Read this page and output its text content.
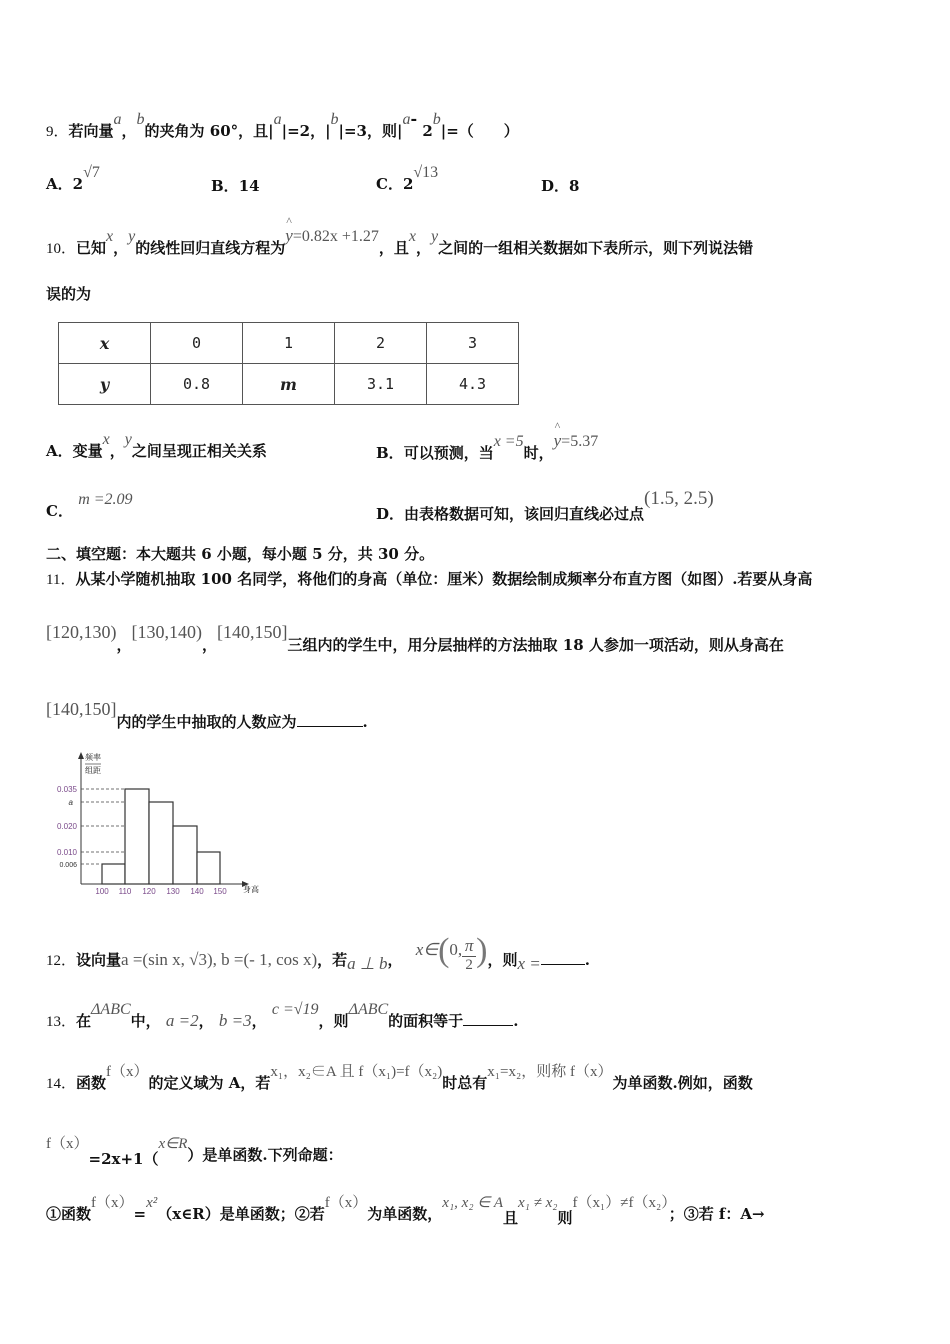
9．若向量$^a$，$^b$的夹角为 60°，且$|^a|=2$，$|^b|=3$，则$|^{a-}$ $2^b|=$（　　）
A．$2^{√7}$
B．14	C．$2^{√13}$
D．8
10．已知$^x$，$^y$的线性回归直线方程为^ $^{y=0.82x +1.27}$，且$^x$，$^y$之间的一组相关数据如下表所示，则下列说法错
误的为
x	0	1	2	3
y	0.8	m	3.1	4.3
A．变量$^x$，$^y$之间呈现正相关关系	B．可以预测，当$^{x =5}$时，^ $^{y=5.37}$
C． $^{m =2.09}$
D．由表格数据可知，该回归直线必过点$^{(1.5, 2.5)}$
二、填空题：本大题共 6 小题，每小题 5 分，共 30 分。
11．从某小学随机抽取 100 名同学，将他们的身高（单位：厘米）数据绘制成频率分布直方图（如图）.若要从身高
$^{[120,130)}$，$^{[130,140)}$，[140,150]三组内的学生中，用分层抽样的方法抽取 18 人参加一项活动，则从身高在
[140,150]内的学生中抽取的人数应为	.
频率
组距
0.035
a
0.020
0.010
0.006
100 110 120 130 140 150 身高
12．设向量a =(sin x, √3), b =(- 1, cos x)，若a ⊥ b， x∈(0, $\frac{\pi}{2}$ )，则x =	.
13．在$^{\Delta ABC}$中， a =2， b =3， $^{c =√19}$，则$^{\Delta ABC}$的面积等于	.
14．函数$^{f(x)}$的定义域为 A，若$^{x_1,x_2\in A 且 f(x_1)=f(x_2)}$时总有$^{x_1=x_2,则称 f(x)}$为单函数.例如，函数
$^{f(x)}$=2x+1（$^{x\in R}$）是单函数.下列命题：
①函数$^{f(x)}$=$^{x^2}$（x∈R）是单函数；②若$^{f(x)}$为单函数，$^{x_1, x_2 \in A}$且$^{x_1 \ne x_2}$则$^{f(x_1)\ne f(x_2)}$；③若 f：A→
